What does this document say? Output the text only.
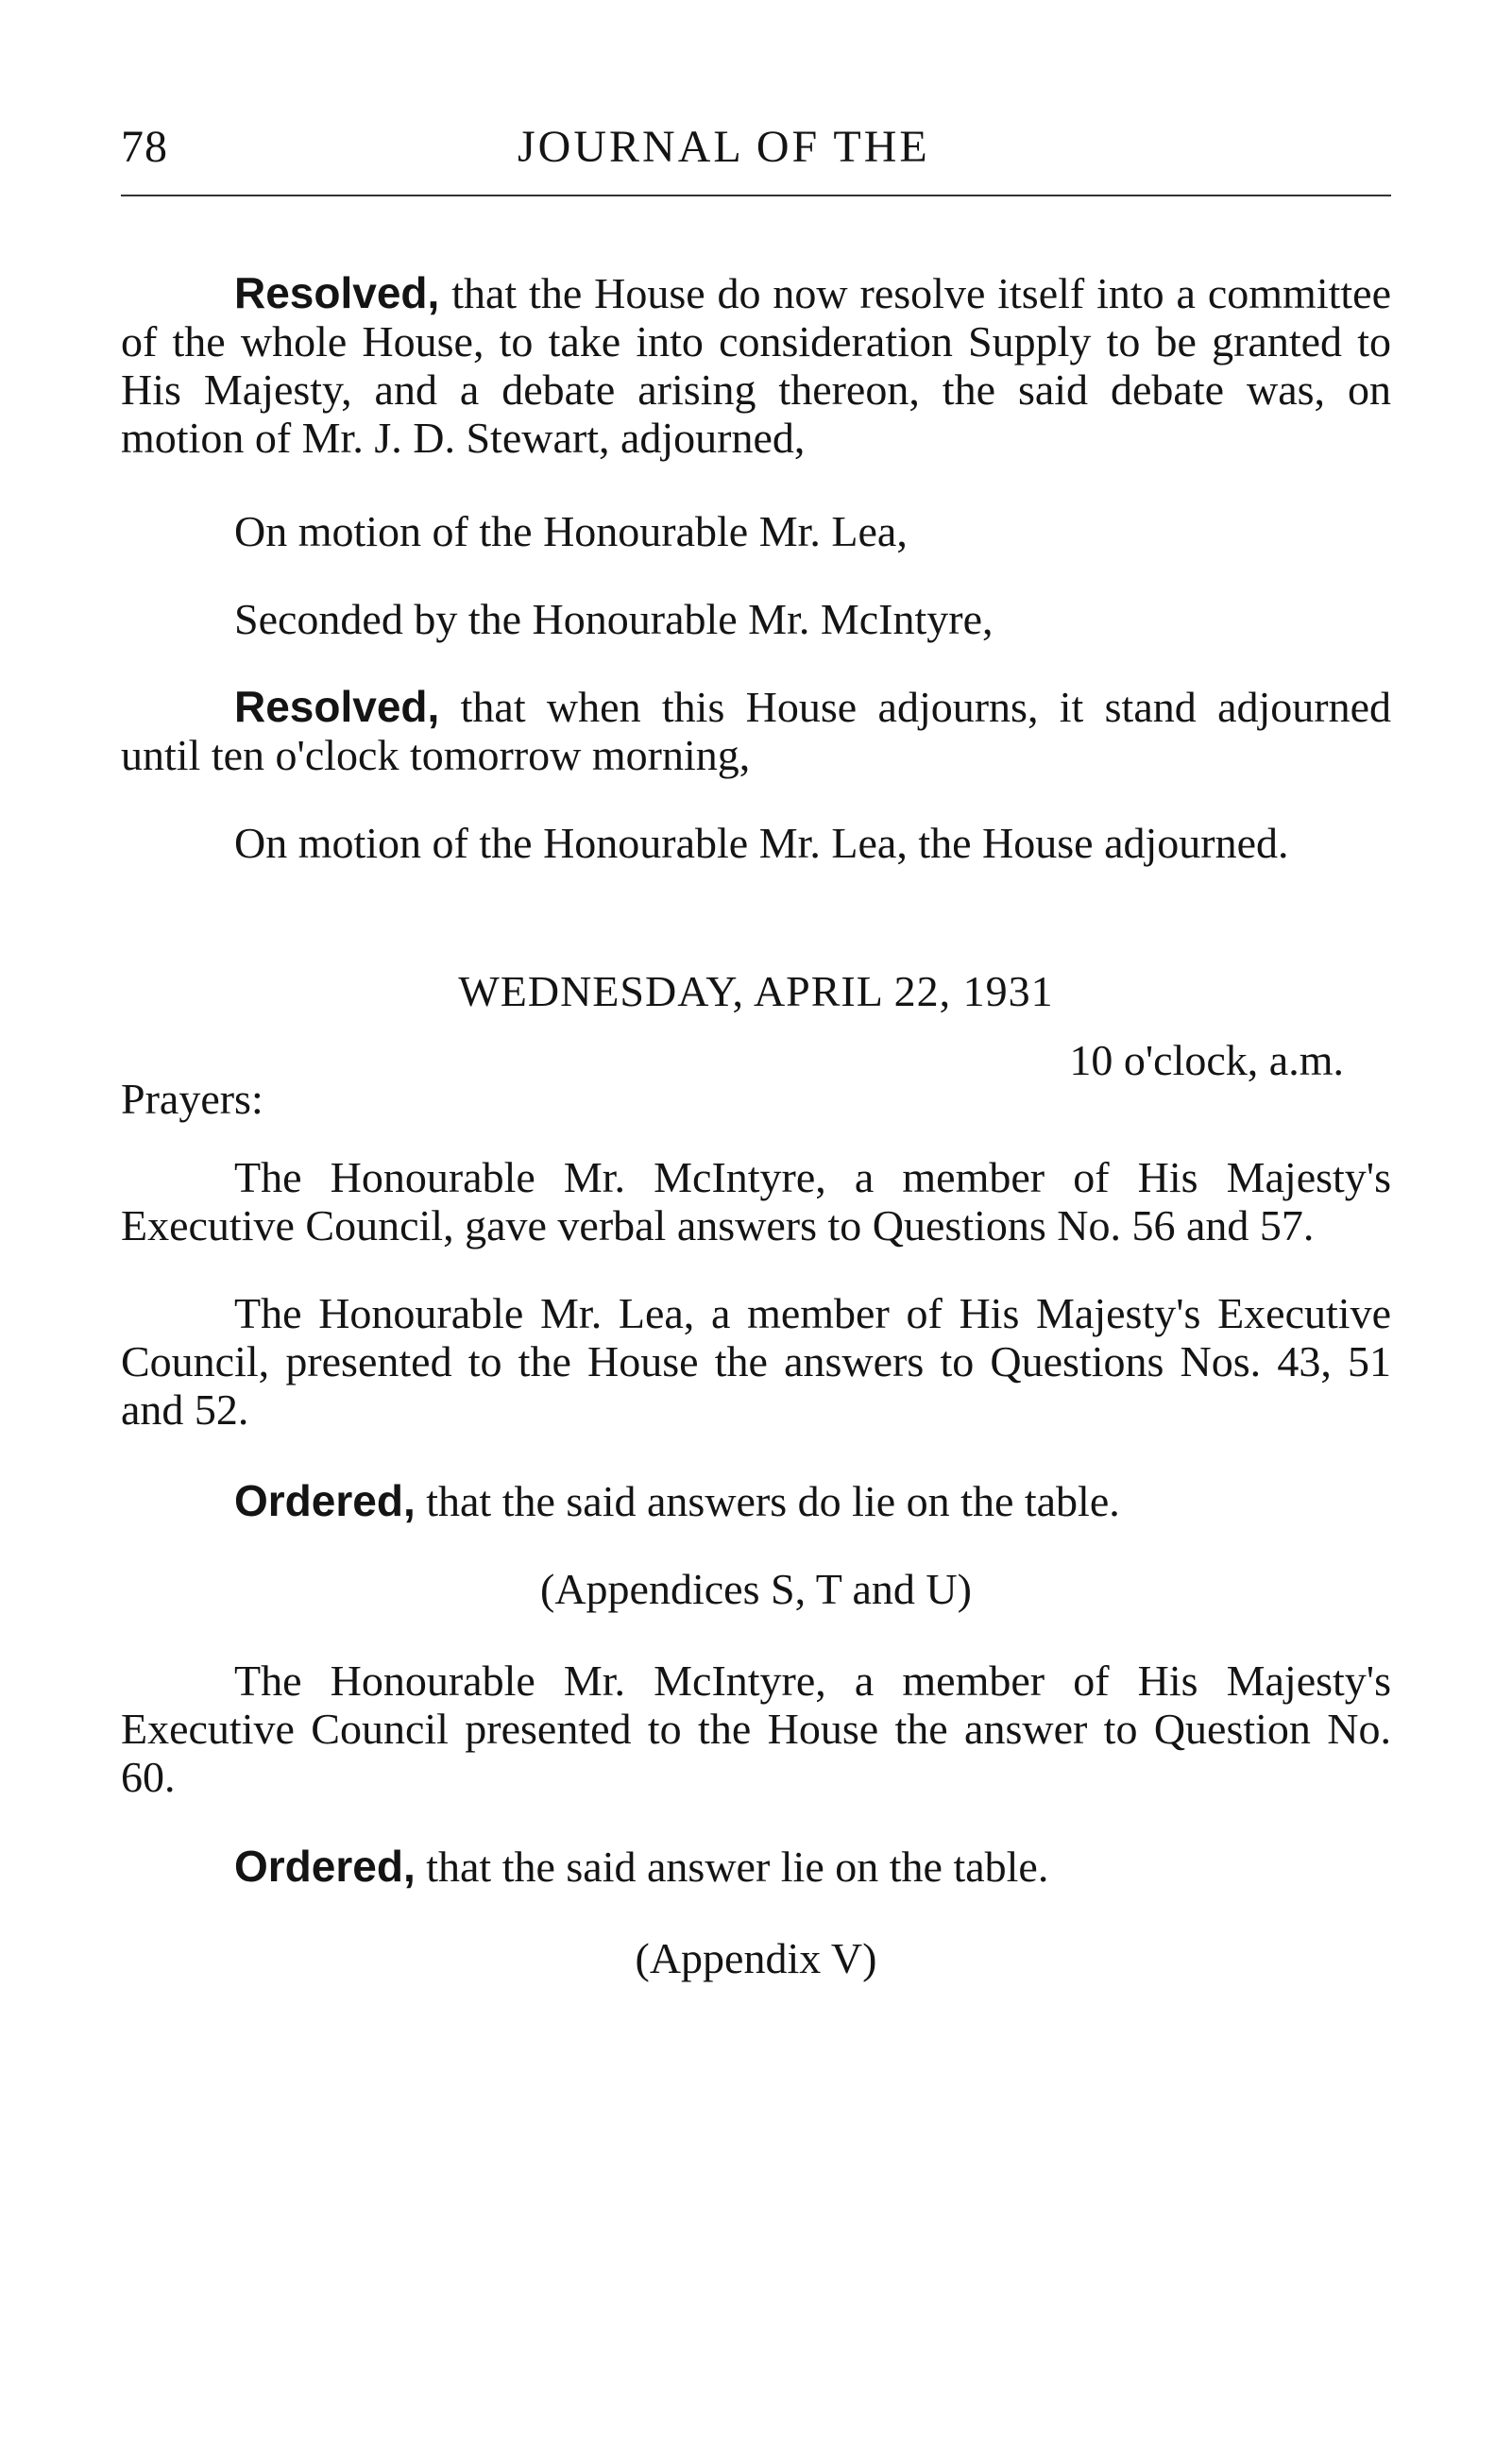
78	JOURNAL OF THE

Resolved, that the House do now resolve itself into a committee of the whole House, to take into consideration Supply to be granted to His Majesty, and a debate arising thereon, the said debate was, on motion of Mr. J. D. Stewart, adjourned,

On motion of the Honourable Mr. Lea,

Seconded by the Honourable Mr. McIntyre,

Resolved, that when this House adjourns, it stand adjourned until ten o'clock tomorrow morning,

On motion of the Honourable Mr. Lea, the House adjourned.

WEDNESDAY, APRIL 22, 1931

10 o'clock, a.m.

Prayers:

The Honourable Mr. McIntyre, a member of His Majesty's Executive Council, gave verbal answers to Questions No. 56 and 57.

The Honourable Mr. Lea, a member of His Majesty's Executive Council, presented to the House the answers to Questions Nos. 43, 51 and 52.

Ordered, that the said answers do lie on the table.

(Appendices S, T and U)

The Honourable Mr. McIntyre, a member of His Majesty's Executive Council presented to the House the answer to Question No. 60.

Ordered, that the said answer lie on the table.

(Appendix V)
